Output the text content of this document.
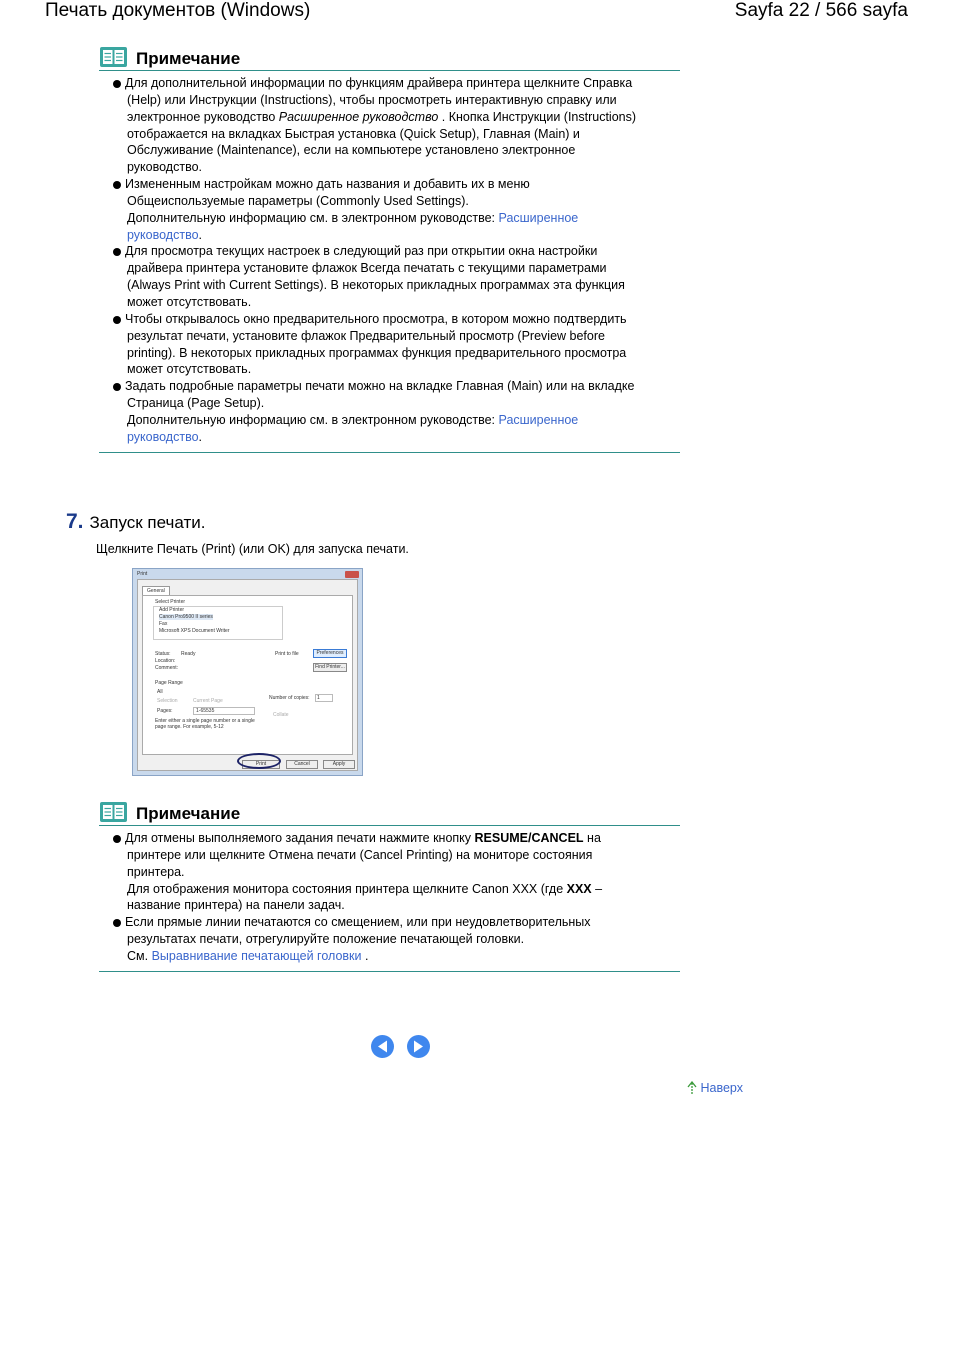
Печать документов (Windows)	Sayfa 22 / 566 sayfa
Примечание
Для дополнительной информации по функциям драйвера принтера щелкните Справка
(Help) или Инструкции (Instructions), чтобы просмотреть интерактивную справку или
электронное руководство Расширенное руководство . Кнопка Инструкции (Instructions)
отображается на вкладках Быстрая установка (Quick Setup), Главная (Main) и
Обслуживание (Maintenance), если на компьютере установлено электронное
руководство.
Измененным настройкам можно дать названия и добавить их в меню
Общеиспользуемые параметры (Commonly Used Settings).
Дополнительную информацию см. в электронном руководстве: Расширенное
руководство.
Для просмотра текущих настроек в следующий раз при открытии окна настройки
драйвера принтера установите флажок Всегда печатать с текущими параметрами
(Always Print with Current Settings). В некоторых прикладных программах эта функция
может отсутствовать.
Чтобы открывалось окно предварительного просмотра, в котором можно подтвердить
результат печати, установите флажок Предварительный просмотр (Preview before
printing). В некоторых прикладных программах функция предварительного просмотра
может отсутствовать.
Задать подробные параметры печати можно на вкладке Главная (Main) или на вкладке
Страница (Page Setup).
Дополнительную информацию см. в электронном руководстве: Расширенное
руководство.
7. Запуск печати.
Щелкните Печать (Print) (или OK) для запуска печати.
Print
General
Select Printer
Add Printer
Canon Pro9500 II series
Fax
Microsoft XPS Document Writer
Status: Ready
Location:
Comment:
Print to file	Preferences
Find Printer...
Page Range
All
Selection	Current Page
Pages:	1-65535
Enter either a single page number or a single
page range. For example, 5-12
Number of copies:	1
Collate
Print	Cancel	Apply
Примечание
Для отмены выполняемого задания печати нажмите кнопку RESUME/CANCEL на
принтере или щелкните Отмена печати (Cancel Printing) на мониторе состояния
принтера.
Для отображения монитора состояния принтера щелкните Canon XXX (где XXX –
название принтера) на панели задач.
Если прямые линии печатаются со смещением, или при неудовлетворительных
результатах печати, отрегулируйте положение печатающей головки.
См. Выравнивание печатающей головки .
Наверх
